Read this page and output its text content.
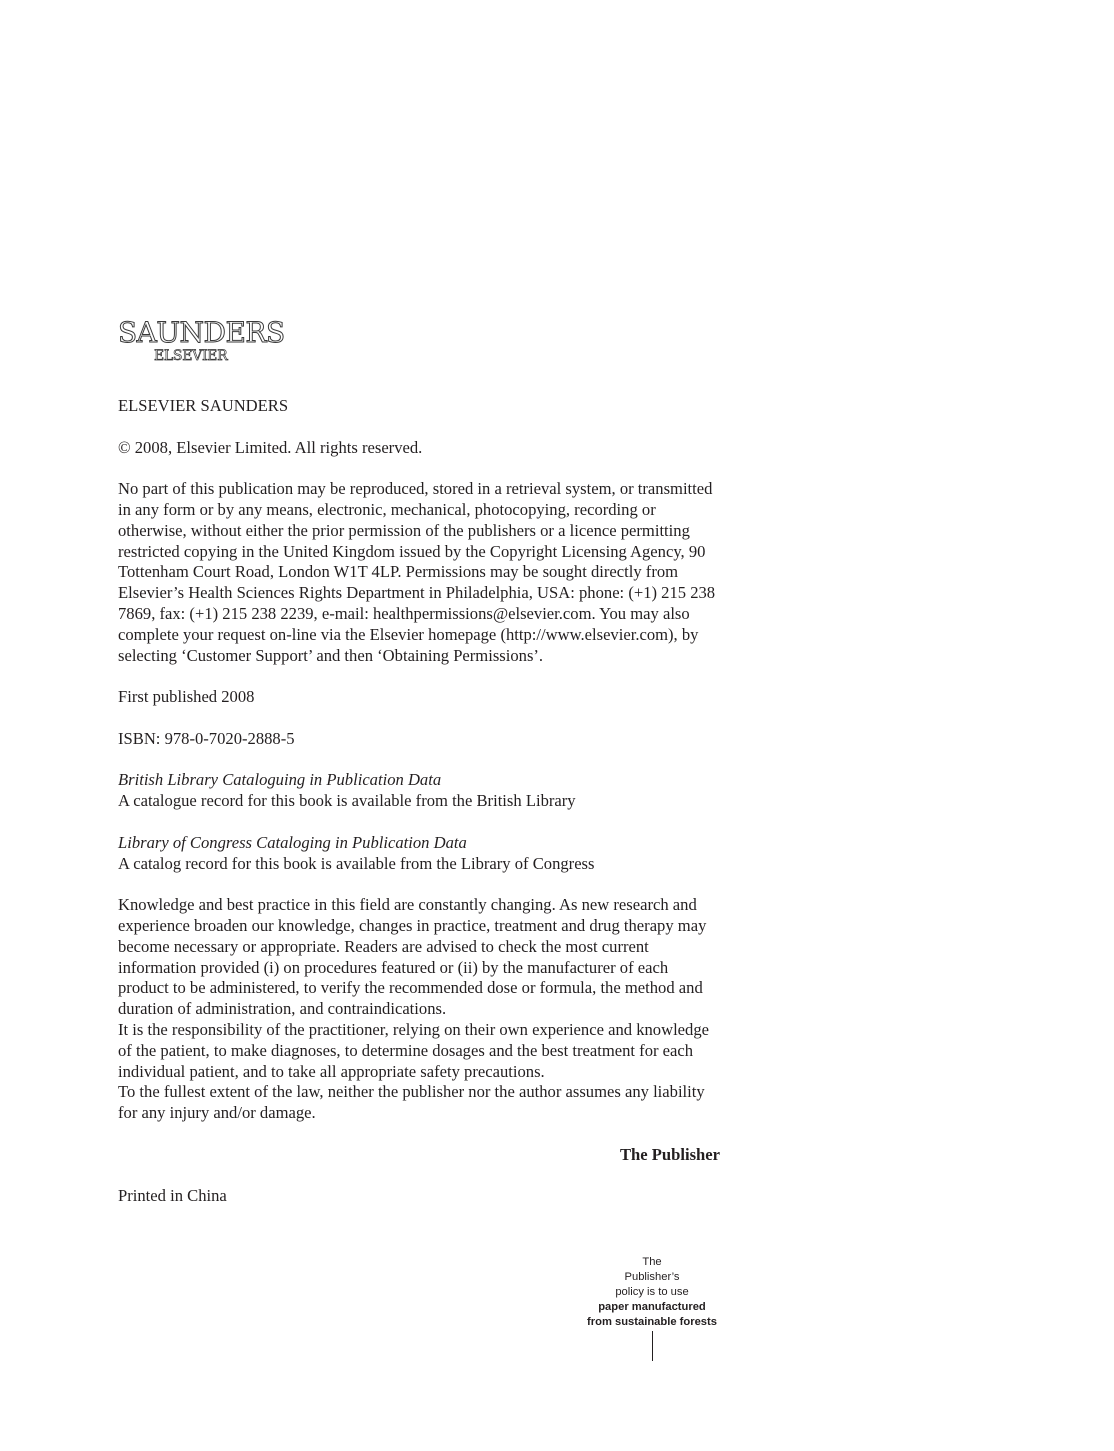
SAUNDERS
ELSEVIER

ELSEVIER SAUNDERS

© 2008, Elsevier Limited. All rights reserved.

No part of this publication may be reproduced, stored in a retrieval system, or transmitted in any form or by any means, electronic, mechanical, photocopying, recording or otherwise, without either the prior permission of the publishers or a licence permitting restricted copying in the United Kingdom issued by the Copyright Licensing Agency, 90 Tottenham Court Road, London W1T 4LP. Permissions may be sought directly from Elsevier’s Health Sciences Rights Department in Philadelphia, USA: phone: (+1) 215 238 7869, fax: (+1) 215 238 2239, e-mail: healthpermissions@elsevier.com. You may also complete your request on-line via the Elsevier homepage (http://www.elsevier.com), by selecting ‘Customer Support’ and then ‘Obtaining Permissions’.

First published 2008

ISBN: 978-0-7020-2888-5

British Library Cataloguing in Publication Data
A catalogue record for this book is available from the British Library

Library of Congress Cataloging in Publication Data
A catalog record for this book is available from the Library of Congress

Knowledge and best practice in this field are constantly changing. As new research and experience broaden our knowledge, changes in practice, treatment and drug therapy may become necessary or appropriate. Readers are advised to check the most current information provided (i) on procedures featured or (ii) by the manufacturer of each product to be administered, to verify the recommended dose or formula, the method and duration of administration, and contraindications.
It is the responsibility of the practitioner, relying on their own experience and knowledge of the patient, to make diagnoses, to determine dosages and the best treatment for each individual patient, and to take all appropriate safety precautions.
To the fullest extent of the law, neither the publisher nor the author assumes any liability for any injury and/or damage.

The Publisher

Printed in China

The
Publisher’s
policy is to use
paper manufactured
from sustainable forests
